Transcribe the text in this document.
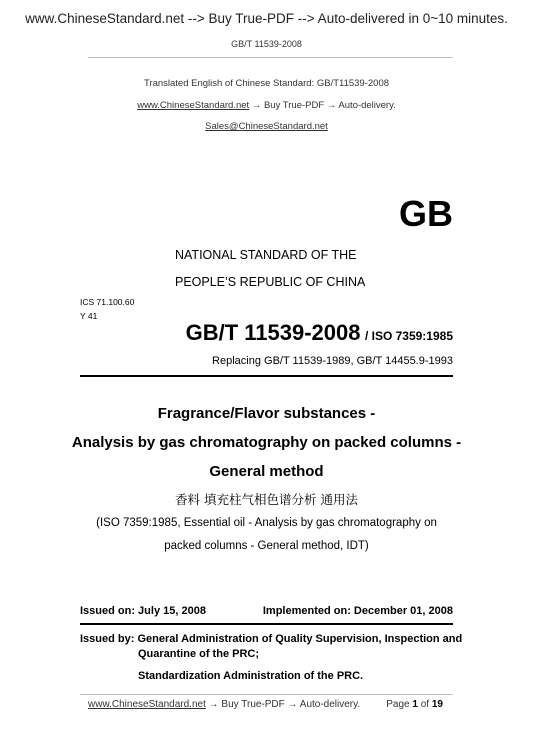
www.ChineseStandard.net --> Buy True-PDF --> Auto-delivered in 0~10 minutes.
GB/T 11539-2008
Translated English of Chinese Standard: GB/T11539-2008
www.ChineseStandard.net → Buy True-PDF → Auto-delivery.
Sales@ChineseStandard.net
GB
NATIONAL STANDARD OF THE
PEOPLE’S REPUBLIC OF CHINA
ICS 71.100.60
Y 41
GB/T 11539-2008 / ISO 7359:1985
Replacing GB/T 11539-1989, GB/T 14455.9-1993
Fragrance/Flavor substances -
Analysis by gas chromatography on packed columns -
General method
香料 填充柱气相色谱分析 通用法
(ISO 7359:1985, Essential oil - Analysis by gas chromatography on
packed columns - General method, IDT)
Issued on: July 15, 2008	Implemented on: December 01, 2008
Issued by: General Administration of Quality Supervision, Inspection and
Quarantine of the PRC;
Standardization Administration of the PRC.
www.ChineseStandard.net → Buy True-PDF → Auto-delivery.	Page 1 of 19
